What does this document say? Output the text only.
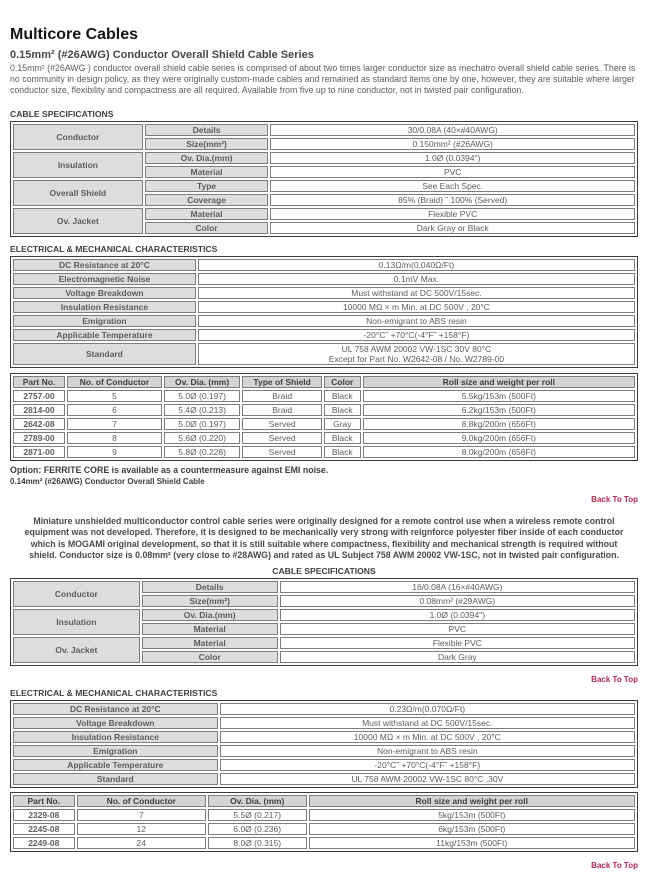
Multicore Cables
0.15mm² (#26AWG) Conductor Overall Shield Cable Series

0.15mm² (#26AWG ) conductor overall shield cable series is comprised of about two times larger conductor size as mechatro overall shield cable series. There is no community in design policy, as they were originally custom-made cables and remained as standard items one by one, however, they are suitable where larger conductor size, flexibility and compactness are all required. Available from five up to nine conductor, not in twisted pair configuration.

CABLE SPECIFICATIONS
Conductor	Details	30/0.08A (40×#40AWG)
	Size(mm²)	0.150mm² (#26AWG)
Insulation	Ov. Dia.(mm)	1.0Ø (0.0394")
	Material	PVC
Overall Shield	Type	See Each Spec.
	Coverage	85% (Braid) ˜ 100% (Served)
Ov. Jacket	Material	Flexible PVC
	Color	Dark Gray or Black
ELECTRICAL & MECHANICAL CHARACTERISTICS
DC Resistance at 20°C	0.13Ω/m(0.040Ω/Ft)
Electromagnetic Noise	0.1mV Max.
Voltage Breakdown	Must withstand at DC 500V/15sec.
Insulation Resistance	10000 MΩ × m Min. at DC 500V , 20°C
Emigration	Non-emigrant to ABS resin
Applicable Temperature	-20°C˜ +70°C(-4°F˜ +158°F)
Standard	UL 758 AWM 20002 VW-1SC 30V 80°C
Except for Part No. W2642-08 / No. W2789-00
Part No.	No. of Conductor	Ov. Dia. (mm)	Type of Shield	Color	Roll size and weight per roll
2757-00	5	5.0Ø (0.197)	Braid	Black	5.5kg/153m (500Ft)
2814-00	6	5.4Ø (0.213)	Braid	Black	6.2kg/153m (500Ft)
2642-08	7	5.0Ø (0.197)	Served	Gray	8.8kg/200m (656Ft)
2789-00	8	5.6Ø (0.220)	Served	Black	9.0kg/200m (656Ft)
2871-00	9	5.8Ø (0.228)	Served	Black	8.0kg/200m (656Ft)
Option: FERRITE CORE is available as a countermeasure against EMI noise.
0.14mm² (#26AWG) Conductor Overall Shield Cable
Back To Top

Miniature unshielded multiconductor control cable series were originally designed for a remote control use when a wireless remote control equipment was not developed. Therefore, it is designed to be mechanically very strong with reignforce polyester fiber inside of each conductor which is MOGAMI original development, so that it is still suitable where compactness, flexibility and mechanical strength is required without shield. Conductor size is 0.08mm² (very close to #28AWG) and rated as UL Subject 758 AWM 20002 VW-1SC, not in twisted pair configuration.

CABLE SPECIFICATIONS
Conductor	Details	16/0.08A (16×#40AWG)
	Size(mm²)	0.08mm² (#29AWG)
Insulation	Ov. Dia.(mm)	1.0Ø (0.0394")
	Material	PVC
Ov. Jacket	Material	Flexible PVC
	Color	Dark Gray
Back To Top
ELECTRICAL & MECHANICAL CHARACTERISTICS
DC Resistance at 20°C	0.23Ω/m(0.070Ω/Ft)
Voltage Breakdown	Must withstand at DC 500V/15sec.
Insulation Resistance	10000 MΩ × m Min. at DC 500V , 20°C
Emigration	Non-emigrant to ABS resin
Applicable Temperature	-20°C˜ +70°C(-4°F˜ +158°F)
Standard	UL 758 AWM 20002 VW-1SC 80°C ,30V
Part No.	No. of Conductor	Ov. Dia. (mm)	Roll size and weight per roll
2329-08	7	5.5Ø (0.217)	5kg/153m (500Ft)
2245-08	12	6.0Ø (0.236)	6kg/153m (500Ft)
2249-08	24	8.0Ø (0.315)	11kg/153m (500Ft)
Back To Top
